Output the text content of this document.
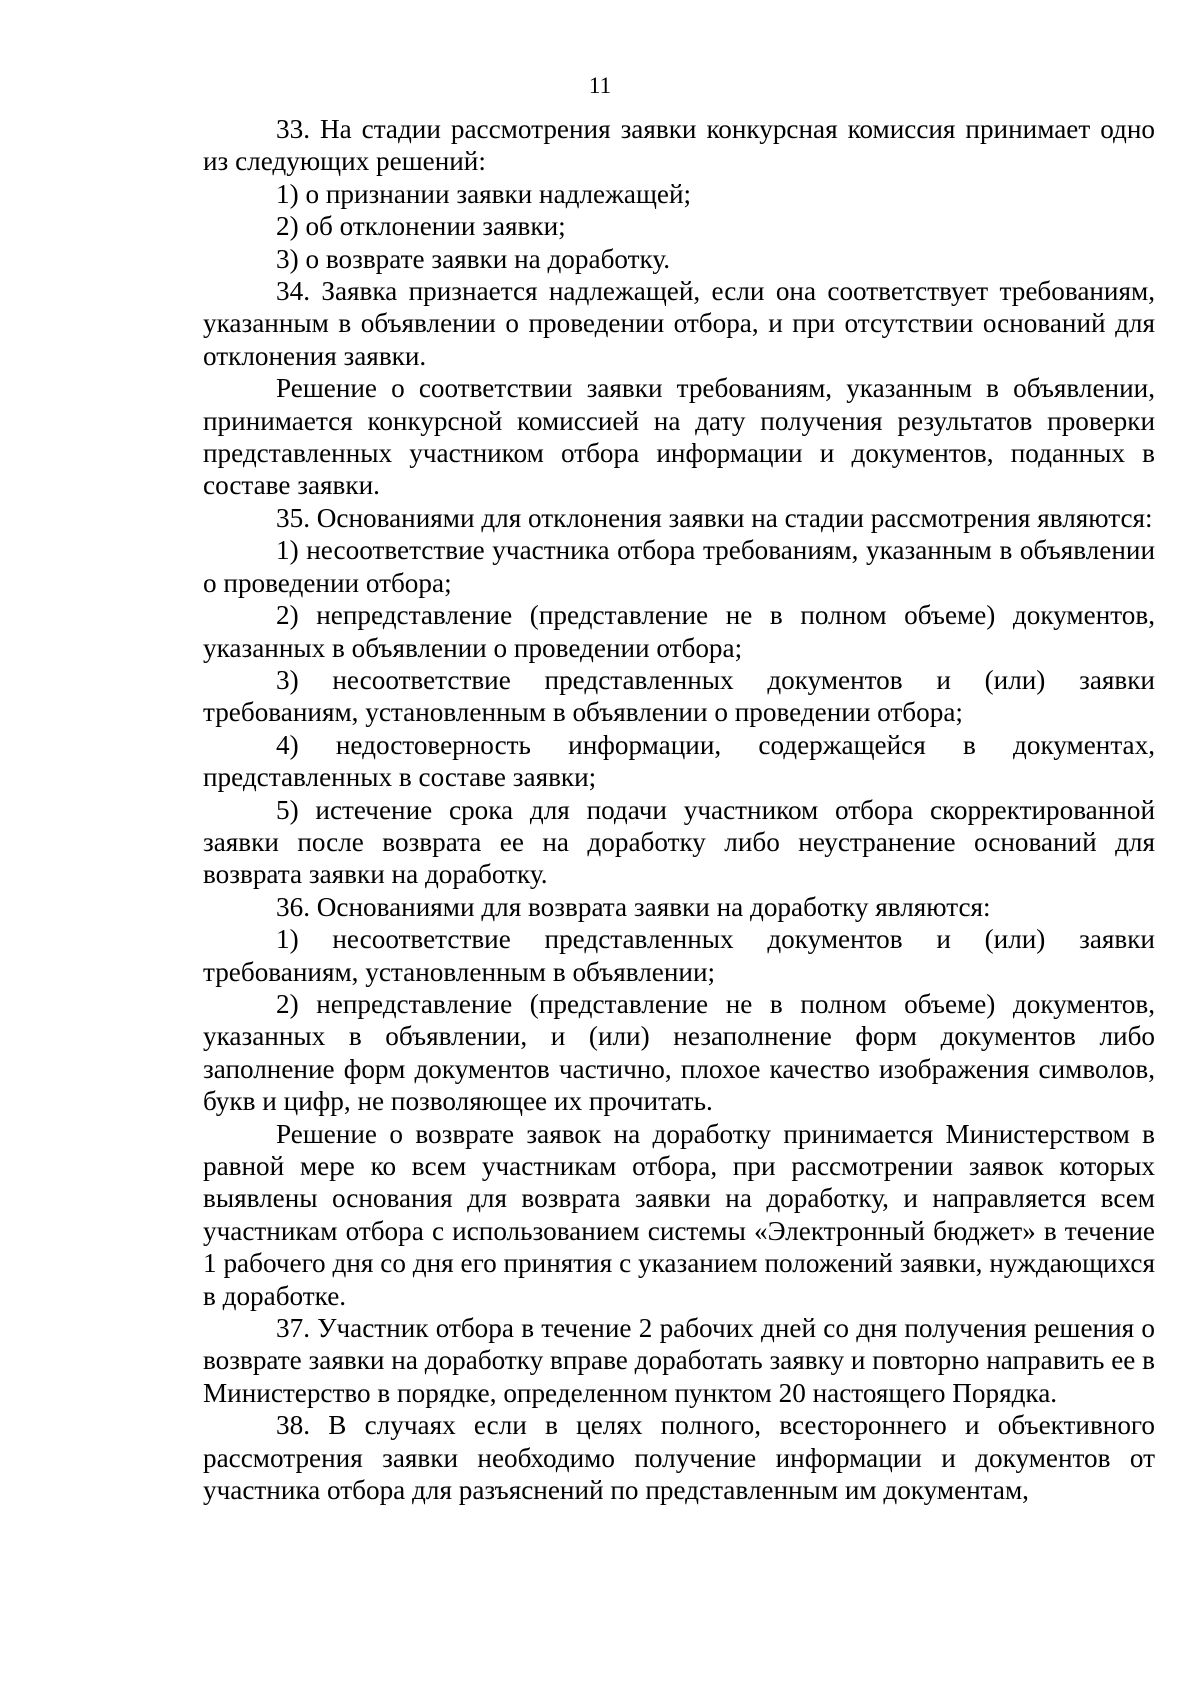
11

33. На стадии рассмотрения заявки конкурсная комиссия принимает одно из следующих решений:

1) о признании заявки надлежащей;

2) об отклонении заявки;

3) о возврате заявки на доработку.

34. Заявка признается надлежащей, если она соответствует требованиям, указанным в объявлении о проведении отбора, и при отсутствии оснований для отклонения заявки.

Решение о соответствии заявки требованиям, указанным в объявлении, принимается конкурсной комиссией на дату получения результатов проверки представленных участником отбора информации и документов, поданных в составе заявки.

35. Основаниями для отклонения заявки на стадии рассмотрения являются:

1) несоответствие участника отбора требованиям, указанным в объявлении о проведении отбора;

2) непредставление (представление не в полном объеме) документов, указанных в объявлении о проведении отбора;

3) несоответствие представленных документов и (или) заявки требованиям, установленным в объявлении о проведении отбора;

4) недостоверность информации, содержащейся в документах, представленных в составе заявки;

5) истечение срока для подачи участником отбора скорректированной заявки после возврата ее на доработку либо неустранение оснований для возврата заявки на доработку.

36. Основаниями для возврата заявки на доработку являются:

1) несоответствие представленных документов и (или) заявки требованиям, установленным в объявлении;

2) непредставление (представление не в полном объеме) документов, указанных в объявлении, и (или) незаполнение форм документов либо заполнение форм документов частично, плохое качество изображения символов, букв и цифр, не позволяющее их прочитать.

Решение о возврате заявок на доработку принимается Министерством в равной мере ко всем участникам отбора, при рассмотрении заявок которых выявлены основания для возврата заявки на доработку, и направляется всем участникам отбора с использованием системы «Электронный бюджет» в течение 1 рабочего дня со дня его принятия с указанием положений заявки, нуждающихся в доработке.

37. Участник отбора в течение 2 рабочих дней со дня получения решения о возврате заявки на доработку вправе доработать заявку и повторно направить ее в Министерство в порядке, определенном пунктом 20 настоящего Порядка.

38. В случаях если в целях полного, всестороннего и объективного рассмотрения заявки необходимо получение информации и документов от участника отбора для разъяснений по представленным им документам,
